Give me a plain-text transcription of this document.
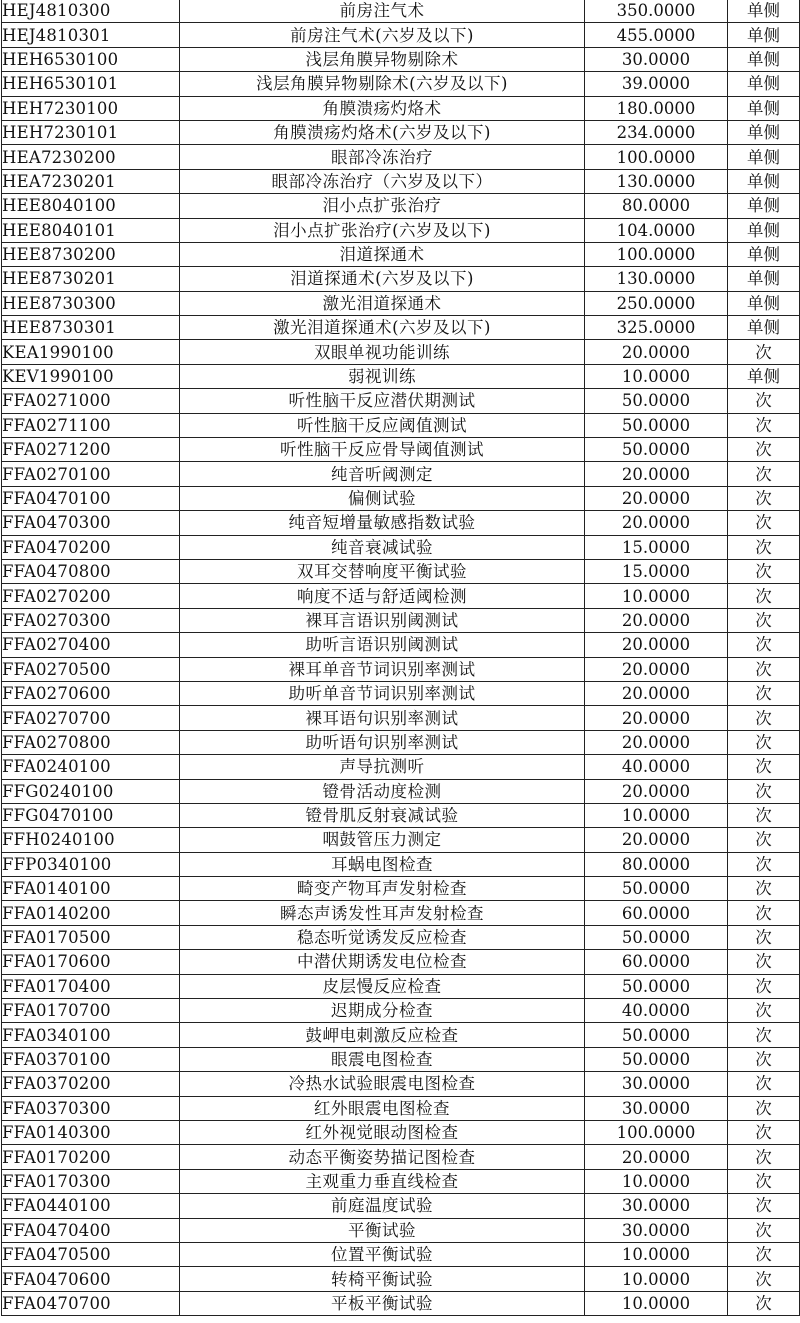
HEJ4810300	前房注气术	350.0000	单侧
HEJ4810301	前房注气术(六岁及以下)	455.0000	单侧
HEH6530100	浅层角膜异物剔除术	30.0000	单侧
HEH6530101	浅层角膜异物剔除术(六岁及以下)	39.0000	单侧
HEH7230100	角膜溃疡灼烙术	180.0000	单侧
HEH7230101	角膜溃疡灼烙术(六岁及以下)	234.0000	单侧
HEA7230200	眼部冷冻治疗	100.0000	单侧
HEA7230201	眼部冷冻治疗（六岁及以下）	130.0000	单侧
HEE8040100	泪小点扩张治疗	80.0000	单侧
HEE8040101	泪小点扩张治疗(六岁及以下)	104.0000	单侧
HEE8730200	泪道探通术	100.0000	单侧
HEE8730201	泪道探通术(六岁及以下)	130.0000	单侧
HEE8730300	激光泪道探通术	250.0000	单侧
HEE8730301	激光泪道探通术(六岁及以下)	325.0000	单侧
KEA1990100	双眼单视功能训练	20.0000	次
KEV1990100	弱视训练	10.0000	单侧
FFA0271000	听性脑干反应潜伏期测试	50.0000	次
FFA0271100	听性脑干反应阈值测试	50.0000	次
FFA0271200	听性脑干反应骨导阈值测试	50.0000	次
FFA0270100	纯音听阈测定	20.0000	次
FFA0470100	偏侧试验	20.0000	次
FFA0470300	纯音短增量敏感指数试验	20.0000	次
FFA0470200	纯音衰减试验	15.0000	次
FFA0470800	双耳交替响度平衡试验	15.0000	次
FFA0270200	响度不适与舒适阈检测	10.0000	次
FFA0270300	裸耳言语识别阈测试	20.0000	次
FFA0270400	助听言语识别阈测试	20.0000	次
FFA0270500	裸耳单音节词识别率测试	20.0000	次
FFA0270600	助听单音节词识别率测试	20.0000	次
FFA0270700	裸耳语句识别率测试	20.0000	次
FFA0270800	助听语句识别率测试	20.0000	次
FFA0240100	声导抗测听	40.0000	次
FFG0240100	镫骨活动度检测	20.0000	次
FFG0470100	镫骨肌反射衰减试验	10.0000	次
FFH0240100	咽鼓管压力测定	20.0000	次
FFP0340100	耳蜗电图检查	80.0000	次
FFA0140100	畸变产物耳声发射检查	50.0000	次
FFA0140200	瞬态声诱发性耳声发射检查	60.0000	次
FFA0170500	稳态听觉诱发反应检查	50.0000	次
FFA0170600	中潜伏期诱发电位检查	60.0000	次
FFA0170400	皮层慢反应检查	50.0000	次
FFA0170700	迟期成分检查	40.0000	次
FFA0340100	鼓岬电刺激反应检查	50.0000	次
FFA0370100	眼震电图检查	50.0000	次
FFA0370200	冷热水试验眼震电图检查	30.0000	次
FFA0370300	红外眼震电图检查	30.0000	次
FFA0140300	红外视觉眼动图检查	100.0000	次
FFA0170200	动态平衡姿势描记图检查	20.0000	次
FFA0170300	主观重力垂直线检查	10.0000	次
FFA0440100	前庭温度试验	30.0000	次
FFA0470400	平衡试验	30.0000	次
FFA0470500	位置平衡试验	10.0000	次
FFA0470600	转椅平衡试验	10.0000	次
FFA0470700	平板平衡试验	10.0000	次
